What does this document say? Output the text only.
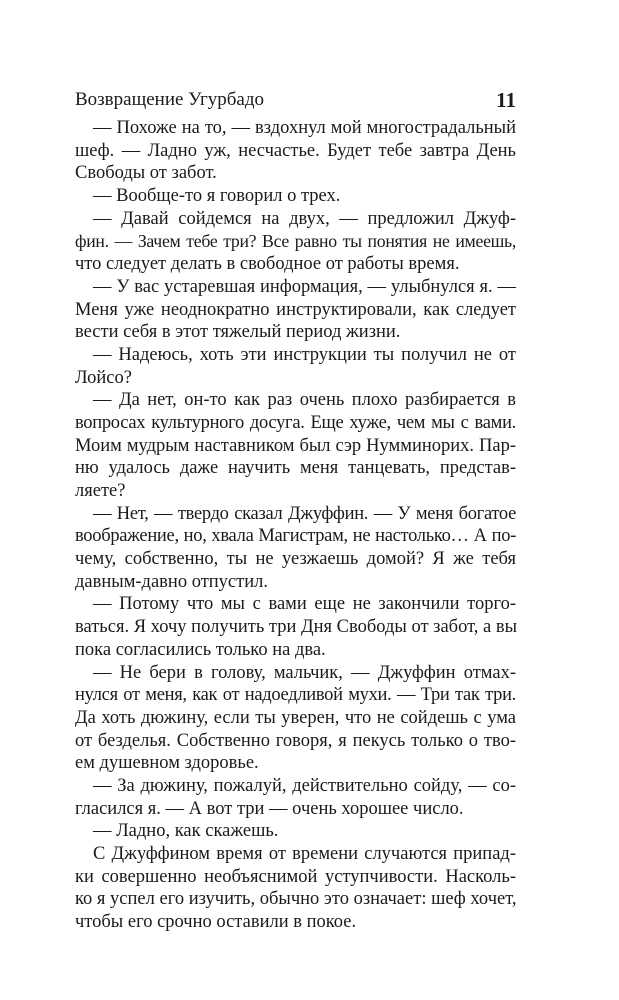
Возвращение Угурбадо	11
— Похоже на то, — вздохнул мой многострадальный
шеф. — Ладно уж, несчастье. Будет тебе завтра День
Свободы от забот.
— Вообще-то я говорил о трех.
— Давай сойдемся на двух, — предложил Джуф-
фин. — Зачем тебе три? Все равно ты понятия не имеешь,
что следует делать в свободное от работы время.
— У вас устаревшая информация, — улыбнулся я. —
Меня уже неоднократно инструктировали, как следует
вести себя в этот тяжелый период жизни.
— Надеюсь, хоть эти инструкции ты получил не от
Лойсо?
— Да нет, он-то как раз очень плохо разбирается в
вопросах культурного досуга. Еще хуже, чем мы с вами.
Моим мудрым наставником был сэр Нумминорих. Пар-
ню удалось даже научить меня танцевать, представ-
ляете?
— Нет, — твердо сказал Джуффин. — У меня богатое
воображение, но, хвала Магистрам, не настолько… А по-
чему, собственно, ты не уезжаешь домой? Я же тебя
давным-давно отпустил.
— Потому что мы с вами еще не закончили торго-
ваться. Я хочу получить три Дня Свободы от забот, а вы
пока согласились только на два.
— Не бери в голову, мальчик, — Джуффин отмах-
нулся от меня, как от надоедливой мухи. — Три так три.
Да хоть дюжину, если ты уверен, что не сойдешь с ума
от безделья. Собственно говоря, я пекусь только о тво-
ем душевном здоровье.
— За дюжину, пожалуй, действительно сойду, — со-
гласился я. — А вот три — очень хорошее число.
— Ладно, как скажешь.
С Джуффином время от времени случаются припад-
ки совершенно необъяснимой уступчивости. Насколь-
ко я успел его изучить, обычно это означает: шеф хочет,
чтобы его срочно оставили в покое.
